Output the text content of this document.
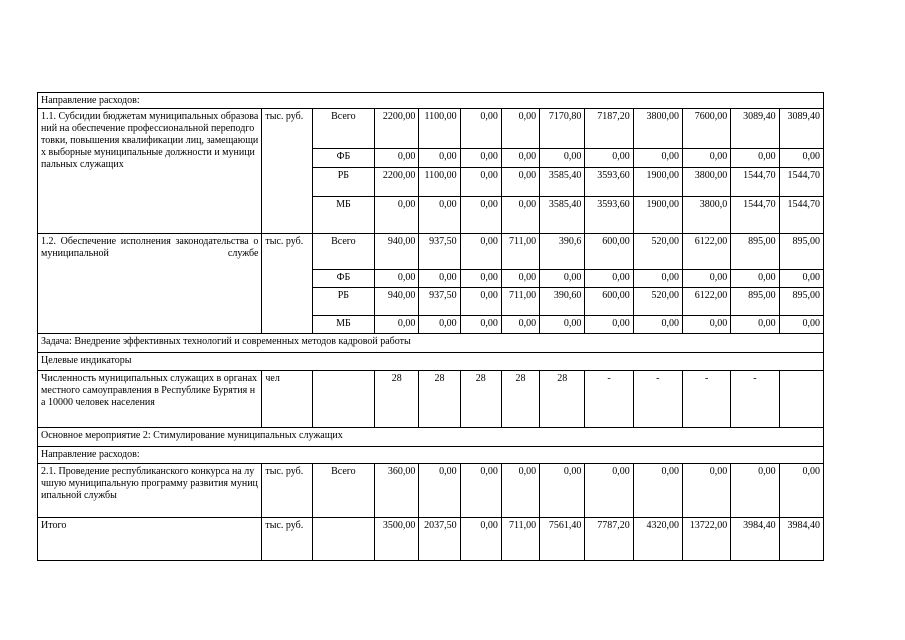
Направление расходов:												
1.1. Субсидии бюджетам муниципальных образований на обеспечение профессиональной переподготовки, повышения квалификации лиц, замещающих выборные муниципальные должности и муниципальных служащих	тыс. руб.	Всего	2200,00	1100,00	0,00	0,00	7170,80	7187,20	3800,00	7600,00	3089,40	3089,40
		ФБ	0,00	0,00	0,00	0,00	0,00	0,00	0,00	0,00	0,00	0,00
		РБ	2200,00	1100,00	0,00	0,00	3585,40	3593,60	1900,00	3800,00	1544,70	1544,70
		МБ	0,00	0,00	0,00	0,00	3585,40	3593,60	1900,00	3800,0	1544,70	1544,70
1.2. Обеспечение исполнения законодательства о муниципальной службе	тыс. руб.	Всего	940,00	937,50	0,00	711,00	390,6	600,00	520,00	6122,00	895,00	895,00
		ФБ	0,00	0,00	0,00	0,00	0,00	0,00	0,00	0,00	0,00	0,00
		РБ	940,00	937,50	0,00	711,00	390,60	600,00	520,00	6122,00	895,00	895,00
		МБ	0,00	0,00	0,00	0,00	0,00	0,00	0,00	0,00	0,00	0,00
Задача: Внедрение эффективных технологий и современных методов кадровой работы												
Целевые индикаторы												
Численность муниципальных служащих в органах местного самоуправления в Республике Бурятия на 10000 человек населения	чел		28	28	28	28	28	-	-	-	-	
Основное мероприятие 2: Стимулирование муниципальных служащих												
Направление расходов:												
2.1. Проведение республиканского конкурса на лучшую муниципальную программу развития муниципальной службы	тыс. руб.	Всего	360,00	0,00	0,00	0,00	0,00	0,00	0,00	0,00	0,00	0,00
Итого	тыс. руб.		3500,00	2037,50	0,00	711,00	7561,40	7787,20	4320,00	13722,00	3984,40	3984,40
